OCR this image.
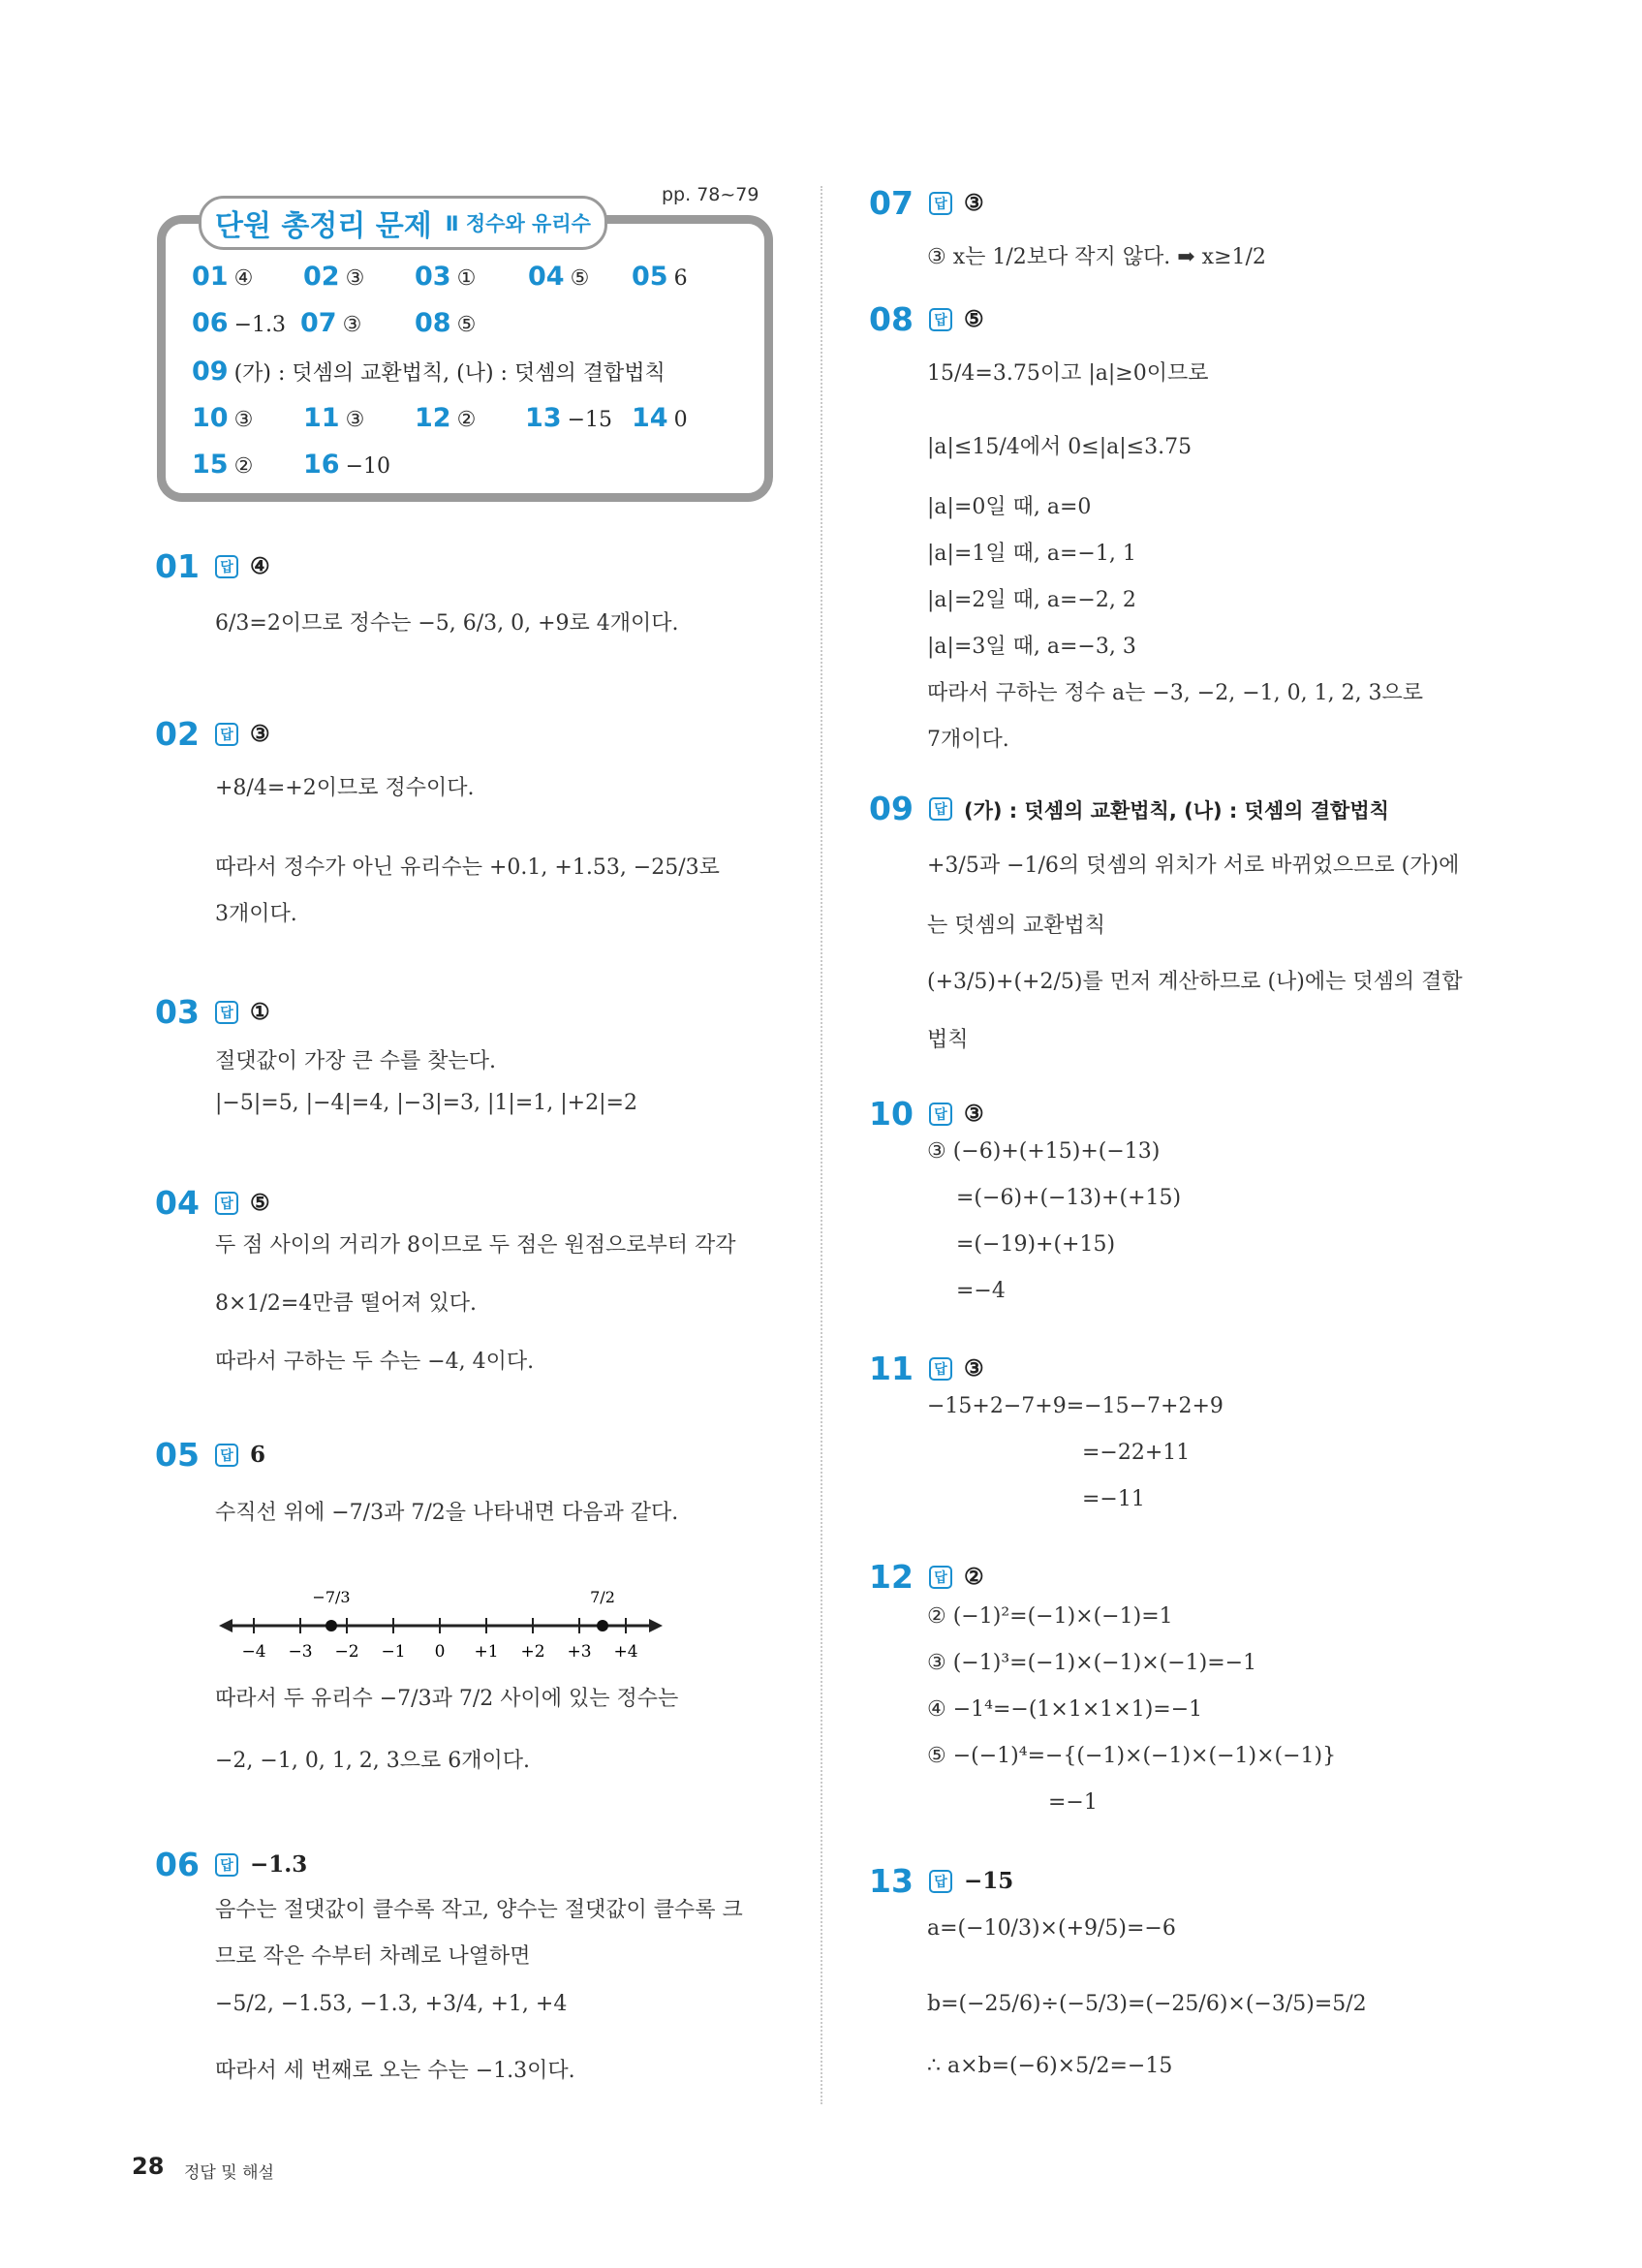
단원 총정리 문제 Ⅱ 정수와 유리수
pp. 78~79
01 ④ 02 ③ 03 ① 04 ⑤ 05 6
06 −1.3 07 ③ 08 ⑤
09 (가) : 덧셈의 교환법칙, (나) : 덧셈의 결합법칙
10 ③ 11 ③ 12 ② 13 −15 14 0
15 ② 16 −10
01	답 ④
6/3=2이므로 정수는 −5, 6/3, 0, +9로 4개이다.
02	답 ③
+8/4=+2이므로 정수이다.
따라서 정수가 아닌 유리수는 +0.1, +1.53, −25/3로
3개이다.
03	답 ①
절댓값이 가장 큰 수를 찾는다.
|−5|=5, |−4|=4, |−3|=3, |1|=1, |+2|=2
04	답 ⑤
두 점 사이의 거리가 8이므로 두 점은 원점으로부터 각각
8×1/2=4만큼 떨어져 있다.
따라서 구하는 두 수는 −4, 4이다.
05	답 6
수직선 위에 −7/3과 7/2을 나타내면 다음과 같다.
따라서 두 유리수 −7/3과 7/2 사이에 있는 정수는
−2, −1, 0, 1, 2, 3으로 6개이다.
06	답 −1.3
음수는 절댓값이 클수록 작고, 양수는 절댓값이 클수록 크
므로 작은 수부터 차례로 나열하면
−5/2, −1.53, −1.3, +3/4, +1, +4
따라서 세 번째로 오는 수는 −1.3이다.
07	답 ③
③ x는 1/2보다 작지 않다. ➡ x≥1/2
08	답 ⑤
15/4=3.75이고 |a|≥0이므로
|a|≤15/4에서 0≤|a|≤3.75
|a|=0일 때, a=0
|a|=1일 때, a=−1, 1
|a|=2일 때, a=−2, 2
|a|=3일 때, a=−3, 3
따라서 구하는 정수 a는 −3, −2, −1, 0, 1, 2, 3으로
7개이다.
09	답 (가) : 덧셈의 교환법칙, (나) : 덧셈의 결합법칙
+3/5과 −1/6의 덧셈의 위치가 서로 바뀌었으므로 (가)에
는 덧셈의 교환법칙
(+3/5)+(+2/5)를 먼저 계산하므로 (나)에는 덧셈의 결합
법칙
10	답 ③
③ (−6)+(+15)+(−13)
=(−6)+(−13)+(+15)
=(−19)+(+15)
=−4
11	답 ③
−15+2−7+9=−15−7+2+9
=−22+11
=−11
12	답 ②
② (−1)²=(−1)×(−1)=1
③ (−1)³=(−1)×(−1)×(−1)=−1
④ −1⁴=−(1×1×1×1)=−1
⑤ −(−1)⁴=−{(−1)×(−1)×(−1)×(−1)}
=−1
13	답 −15
a=(−10/3)×(+9/5)=−6
b=(−25/6)÷(−5/3)=(−25/6)×(−3/5)=5/2
∴ a×b=(−6)×5/2=−15
−4 −3 −2 −1 0 +1 +2 +3 +4
−7/3	7/2
28 정답 및 해설
